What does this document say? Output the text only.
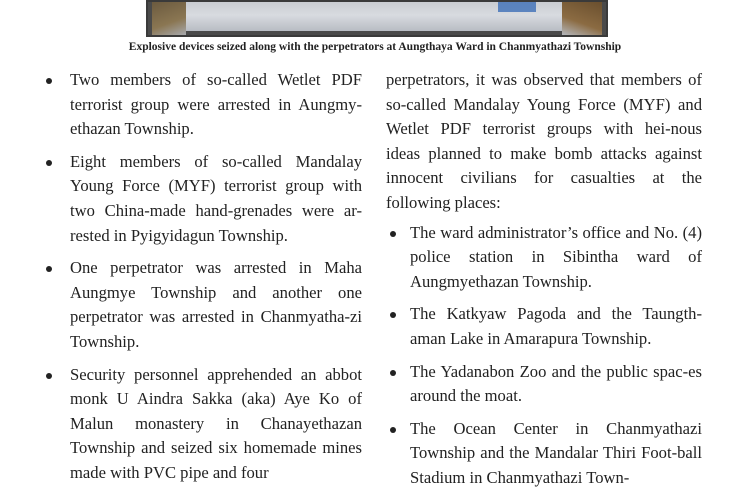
Explosive devices seized along with the perpetrators at Aungthaya Ward in Chanmyathazi Township
Two members of so-called Wetlet PDF terrorist group were arrested in Aungmy-ethazan Township.
Eight members of so-called Mandalay Young Force (MYF) terrorist group with two China-made hand-grenades were ar-rested in Pyigyidagun Township.
One perpetrator was arrested in Maha Aungmye Township and another one perpetrator was arrested in Chanmyatha-zi Township.
Security personnel apprehended an abbot monk U Aindra Sakka (aka) Aye Ko of Malun monastery in Chanayethazan Township and seized six homemade mines made with PVC pipe and four

perpetrators, it was observed that members of so-called Mandalay Young Force (MYF) and Wetlet PDF terrorist groups with hei-nous ideas planned to make bomb attacks against innocent civilians for casualties at the following places:

The ward administrator’s office and No. (4) police station in Sibintha ward of Aungmyethazan Township.
The Katkyaw Pagoda and the Taungth-aman Lake in Amarapura Township.
The Yadanabon Zoo and the public spac-es around the moat.
The Ocean Center in Chanmyathazi Township and the Mandalar Thiri Foot-ball Stadium in Chanmyathazi Town-
